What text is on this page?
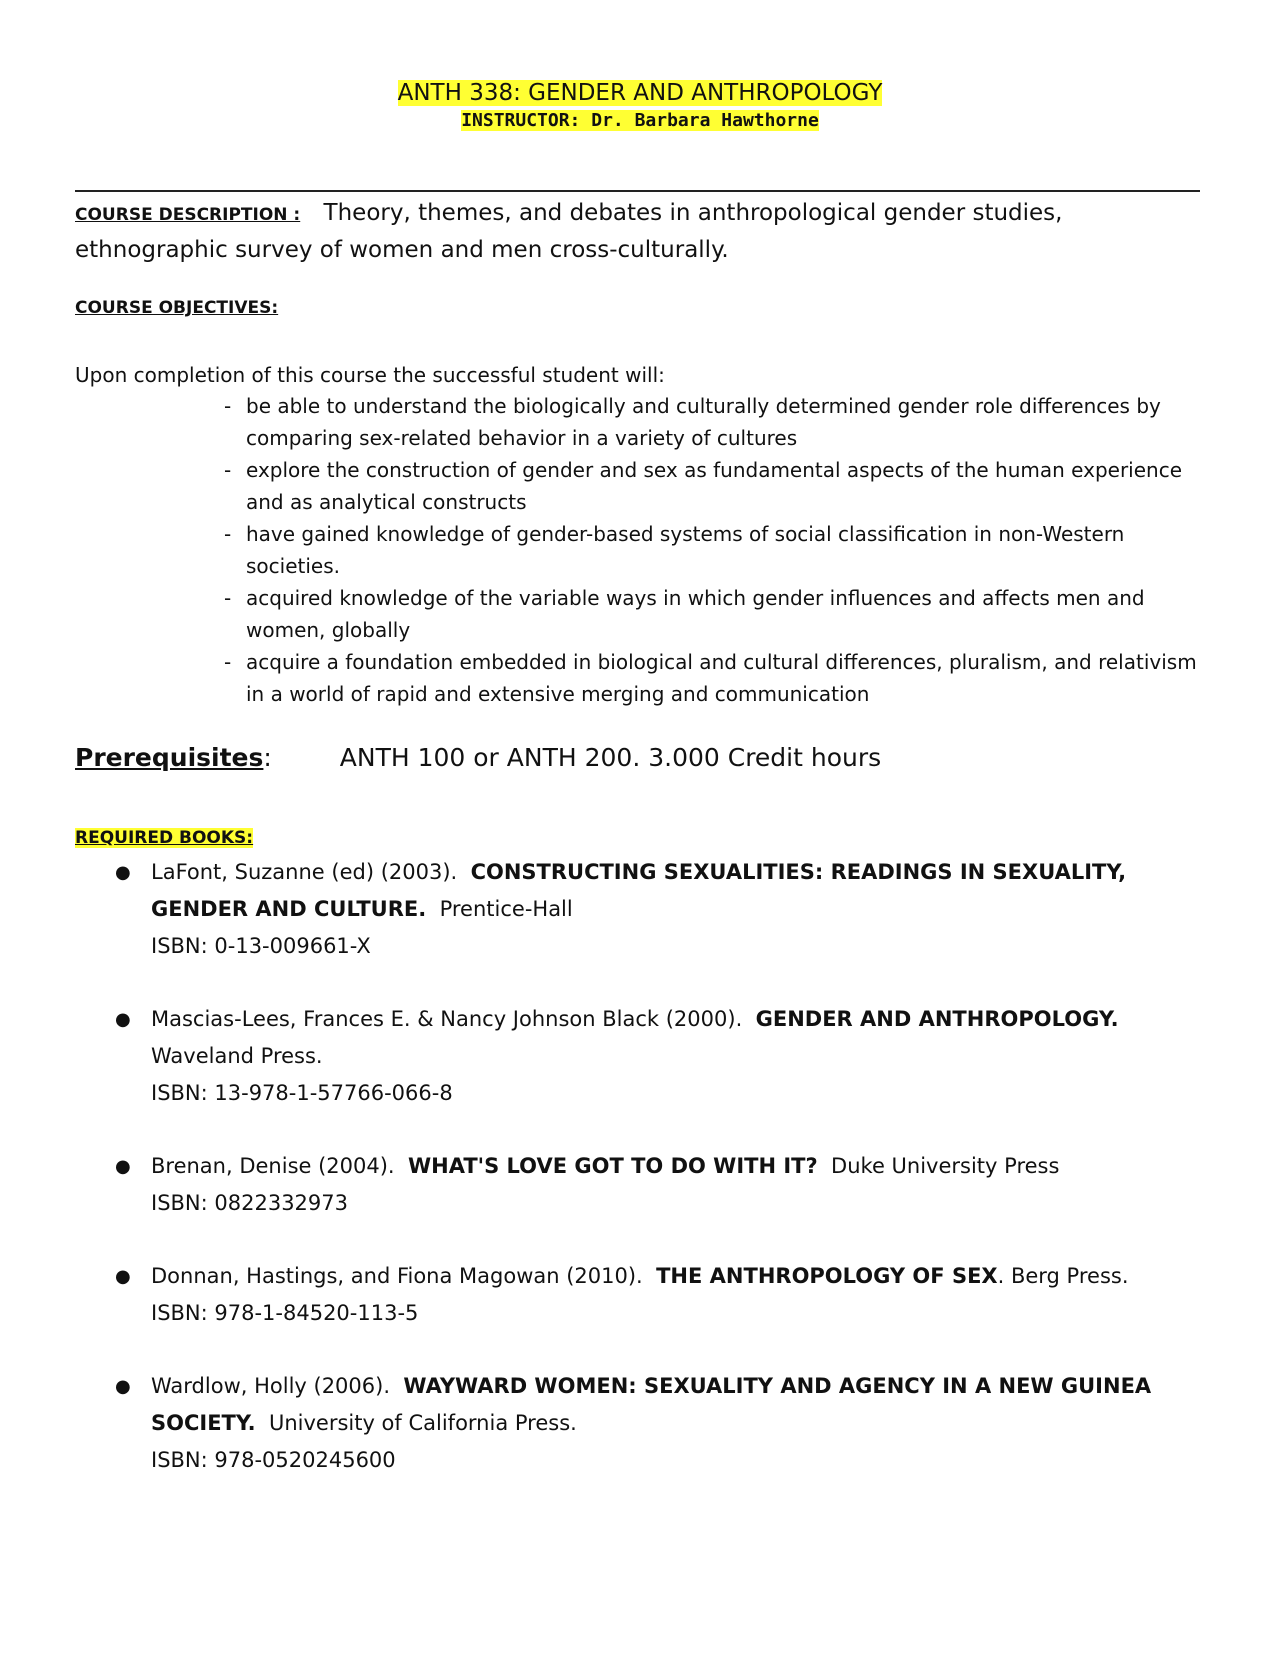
ANTH 338: GENDER AND ANTHROPOLOGY
INSTRUCTOR: Dr. Barbara Hawthorne
COURSE DESCRIPTION : Theory, themes, and debates in anthropological gender studies, ethnographic survey of women and men cross-culturally.
COURSE OBJECTIVES:
Upon completion of this course the successful student will:
- be able to understand the biologically and culturally determined gender role differences by comparing sex-related behavior in a variety of cultures
- explore the construction of gender and sex as fundamental aspects of the human experience and as analytical constructs
- have gained knowledge of gender-based systems of social classification in non-Western societies.
- acquired knowledge of the variable ways in which gender influences and affects men and women, globally
- acquire a foundation embedded in biological and cultural differences, pluralism, and relativism in a world of rapid and extensive merging and communication
Prerequisites: ANTH 100 or ANTH 200. 3.000 Credit hours
REQUIRED BOOKS:
● LaFont, Suzanne (ed) (2003). CONSTRUCTING SEXUALITIES: READINGS IN SEXUALITY, GENDER AND CULTURE. Prentice-Hall
ISBN: 0-13-009661-X
● Mascias-Lees, Frances E. & Nancy Johnson Black (2000). GENDER AND ANTHROPOLOGY.
Waveland Press.
ISBN: 13-978-1-57766-066-8
● Brenan, Denise (2004). WHAT'S LOVE GOT TO DO WITH IT? Duke University Press
ISBN: 0822332973
● Donnan, Hastings, and Fiona Magowan (2010). THE ANTHROPOLOGY OF SEX. Berg Press.
ISBN: 978-1-84520-113-5
● Wardlow, Holly (2006). WAYWARD WOMEN: SEXUALITY AND AGENCY IN A NEW GUINEA SOCIETY. University of California Press.
ISBN: 978-0520245600
